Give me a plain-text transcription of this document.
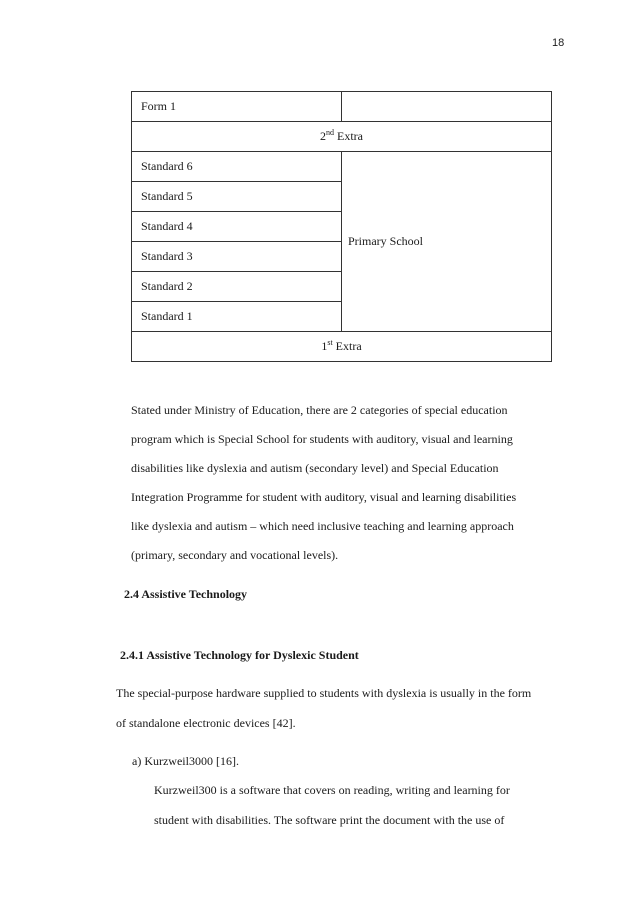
18
Form 1	
2nd Extra	
Standard 6	Primary School
Standard 5	
Standard 4	
Standard 3	
Standard 2	
Standard 1	
1st Extra	
Stated under Ministry of Education, there are 2 categories of special education
program which is Special School for students with auditory, visual and learning
disabilities like dyslexia and autism (secondary level) and Special Education
Integration Programme for student with auditory, visual and learning disabilities
like dyslexia and autism – which need inclusive teaching and learning approach
(primary, secondary and vocational levels).
2.4 Assistive Technology
2.4.1 Assistive Technology for Dyslexic Student
The special-purpose hardware supplied to students with dyslexia is usually in the form
of standalone electronic devices [42].
a) Kurzweil3000 [16].
Kurzweil300 is a software that covers on reading, writing and learning for
student with disabilities. The software print the document with the use of
